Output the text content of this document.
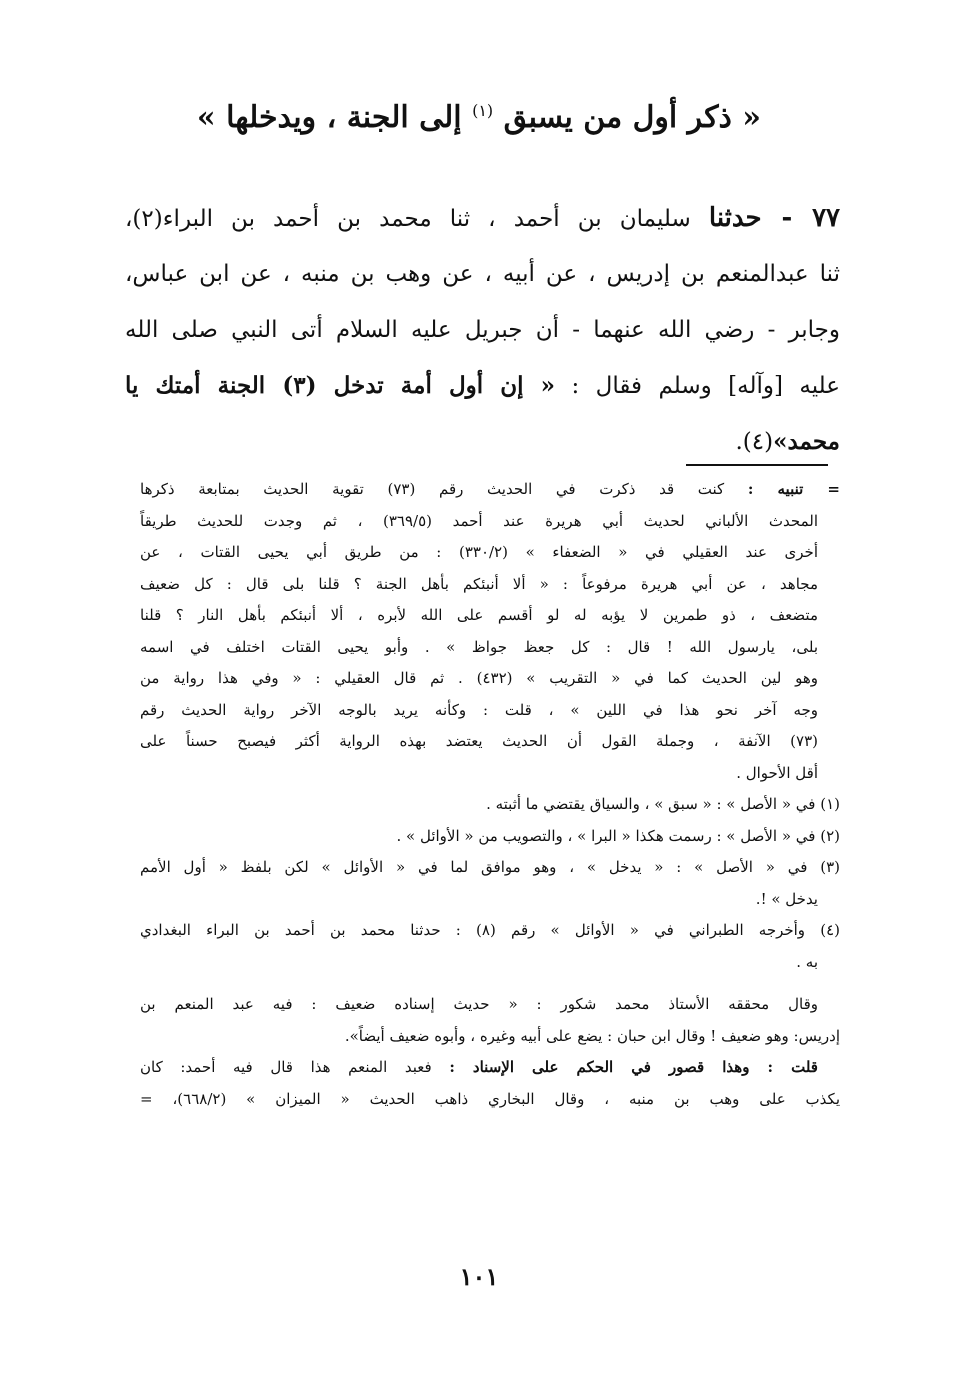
« ذكر أول من يسبق $^{(١)}$ إلى الجنة ، ويدخلها »
٧٧ - حدثنا سليمان بن أحمد ، ثنا محمد بن أحمد بن البراء(٢)،
ثنا عبدالمنعم بن إدريس ، عن أبيه ، عن وهب بن منبه ، عن ابن عباس،
وجابر - رضي الله عنهما - أن جبريل عليه السلام أتى النبي صلى الله
عليه [وآله] وسلم فقال : « إن أول أمة تدخل (٣) الجنة أمتك يا
محمد»(٤).
= تنبيه : كنت قد ذكرت في الحديث رقم (٧٣) تقوية الحديث بمتابعة ذكرها
المحدث الألباني لحديث أبي هريرة عند أحمد (٣٦٩/٥) ، ثم وجدت للحديث طريقاً
أخرى عند العقيلي في « الضعفاء » (٣٣٠/٢) : من طريق أبي يحيى القتات ، عن
مجاهد ، عن أبي هريرة مرفوعاً : « ألا أنبئكم بأهل الجنة ؟ قلنا بلى قال : كل ضعيف
متضعف ، ذو طمرين لا يؤبه له لو أقسم على الله لأبره ، ألا أنبئكم بأهل النار ؟ قلنا
بلى، يارسول الله ! قال : كل جعظ جواظ » . وأبو يحيى القتات اختلف في اسمه
وهو لين الحديث كما في « التقريب » (٤٣٢) . ثم قال العقيلي : « وفي هذا رواية من
وجه آخر نحو هذا في اللين » ، قلت : وكأنه يريد بالوجه الآخر رواية الحديث رقم
(٧٣) الآنفة ، وجملة القول أن الحديث يعتضد بهذه الرواية أكثر فيصبح حسناً على
أقل الأحوال .
(١) في « الأصل » : « سبق » ، والسياق يقتضي ما أثبته .
(٢) في « الأصل » : رسمت هكذا « البرا » ، والتصويب من « الأوائل » .
(٣) في « الأصل » : « يدخل » ، وهو موافق لما في « الأوائل » لكن بلفظ « أول الأمم
يدخل » !.
(٤) وأخرجه الطبراني في « الأوائل » رقم (٨) : حدثنا محمد بن أحمد بن البراء البغدادي
به .
وقال محققه الأستاذ محمد شكور : « حديث إسناده ضعيف : فيه عبد المنعم بن
إدريس: وهو ضعيف ! وقال ابن حبان : يضع على أبيه وغيره ، وأبوه ضعيف أيضاً».
قلت : وهذا قصور في الحكم على الإسناد : فعبد المنعم هذا قال فيه أحمد: كان
يكذب على وهب بن منبه ، وقال البخاري ذاهب الحديث « الميزان » (٦٦٨/٢)، =
١٠١
